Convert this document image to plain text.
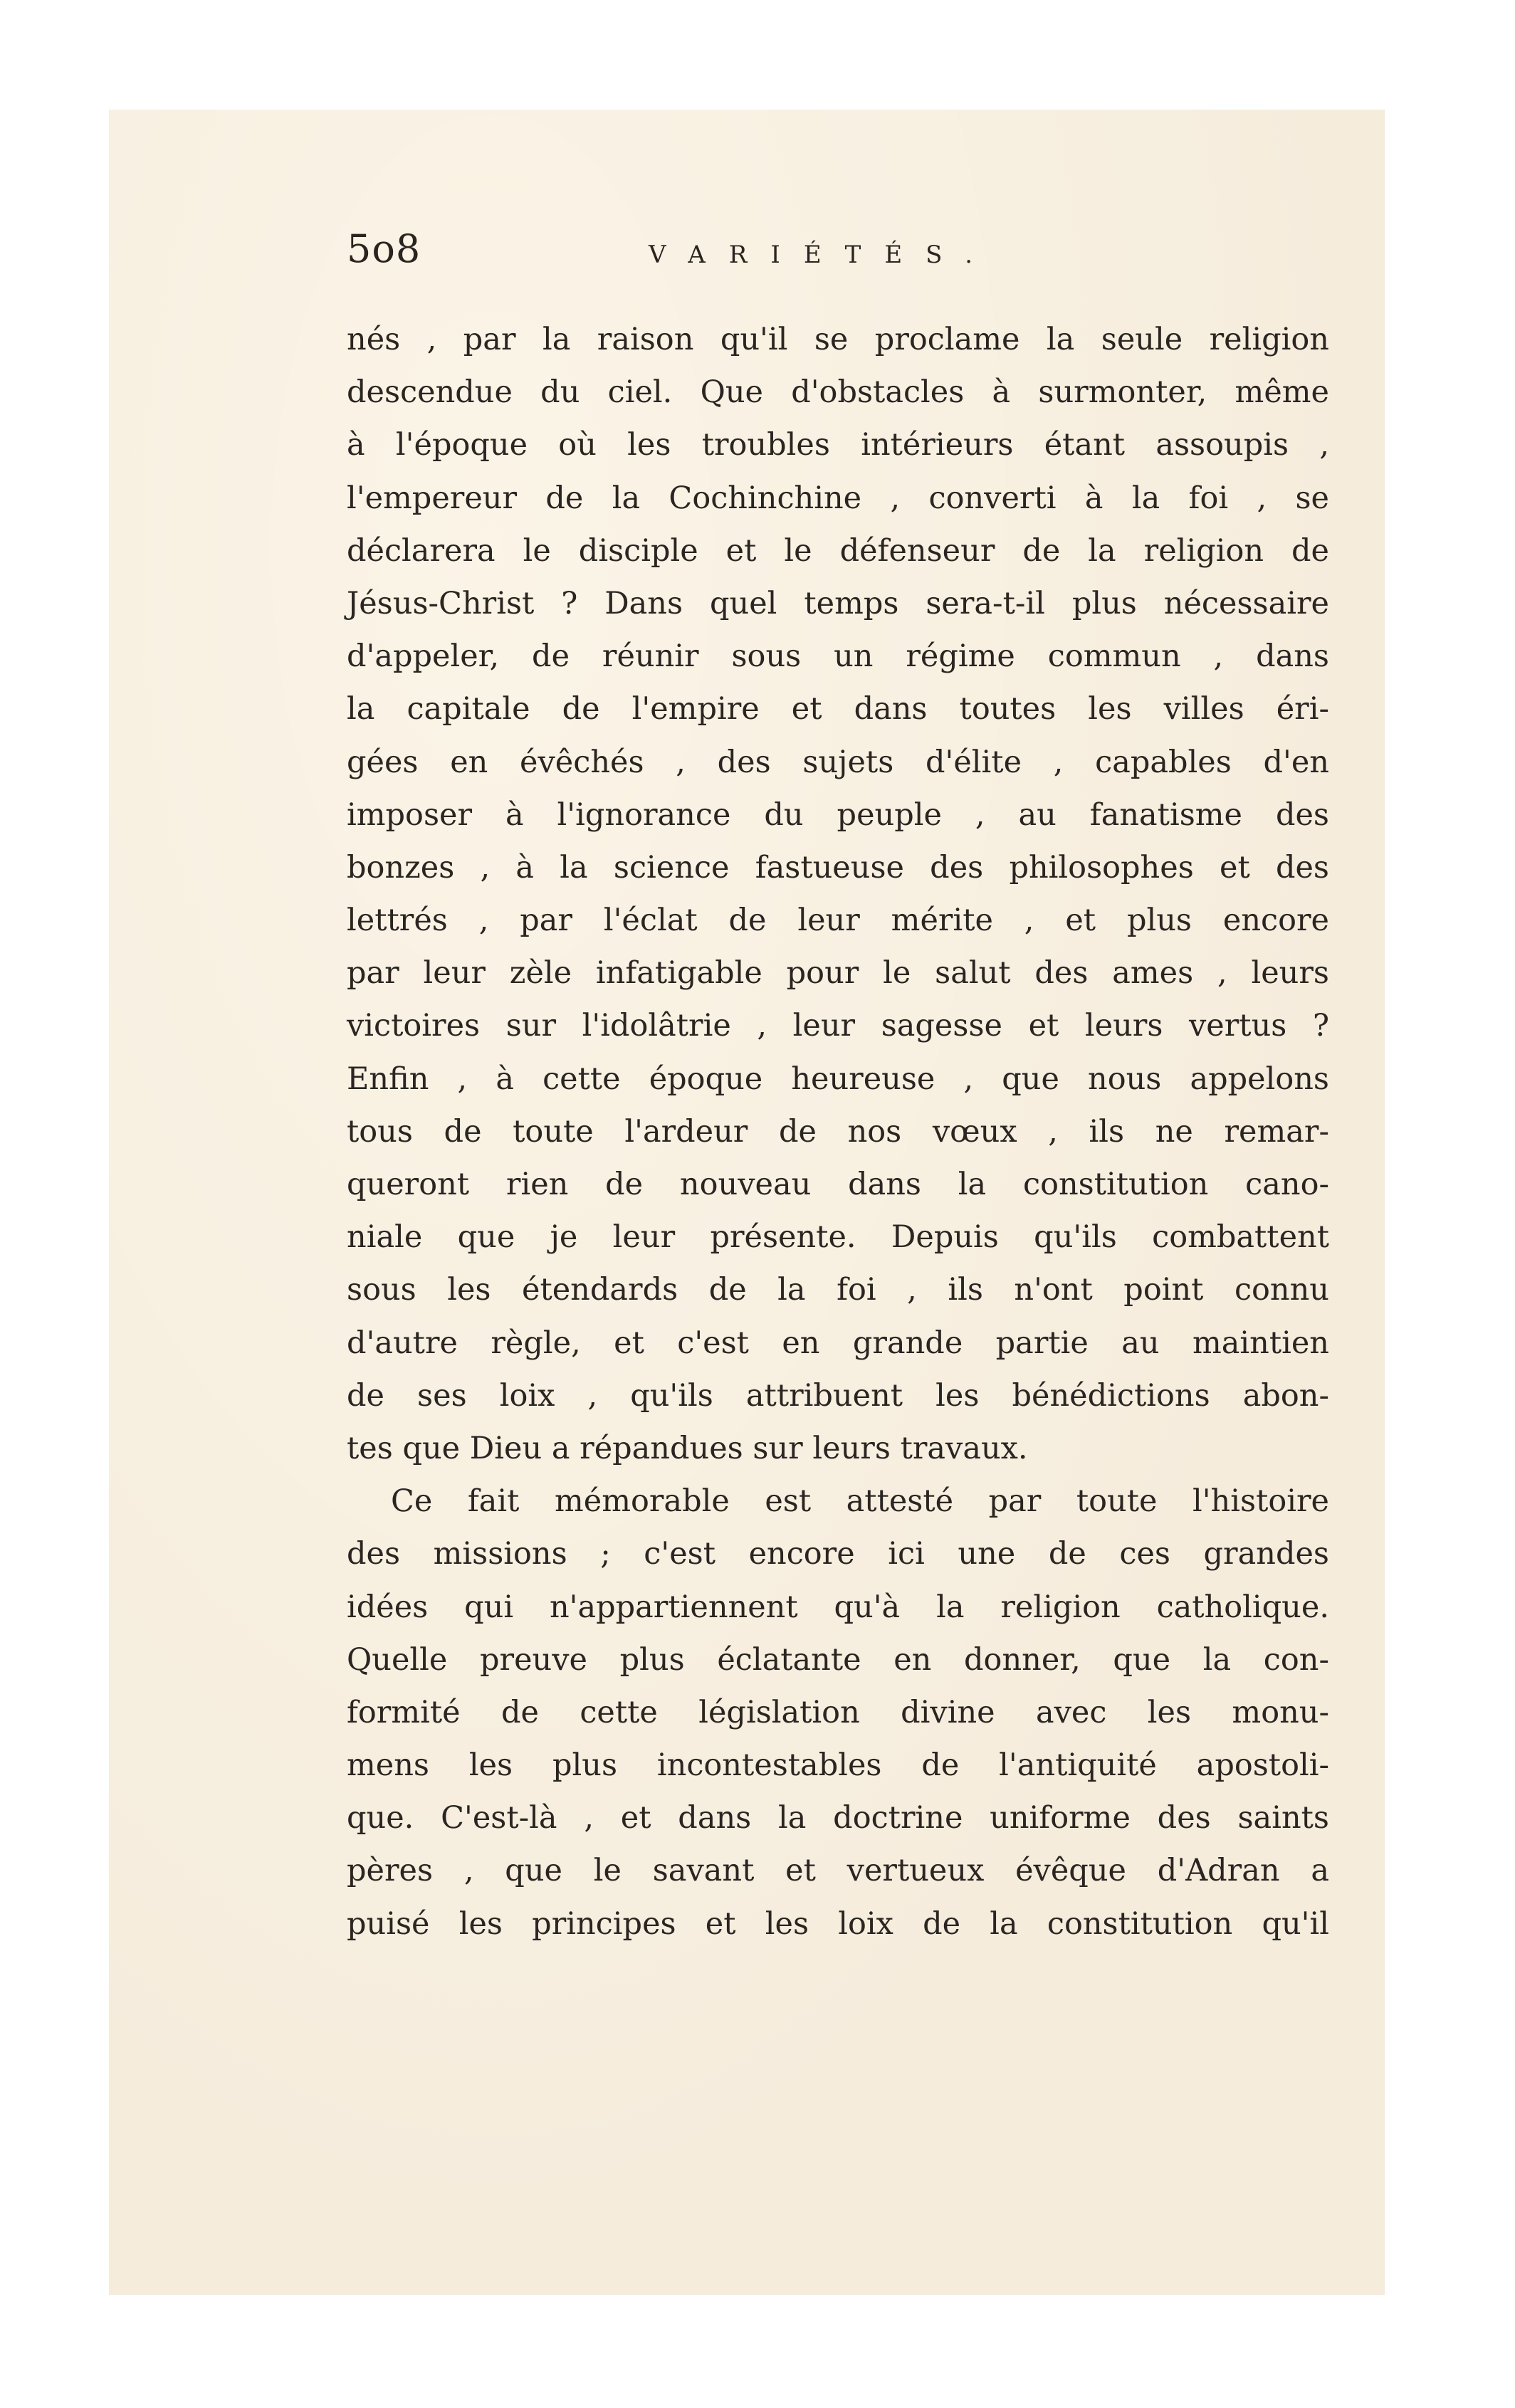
5o8	VARIÉTÉS.
nés , par la raison qu'il se proclame la seule religion
descendue du ciel. Que d'obstacles à surmonter, même
à l'époque où les troubles intérieurs étant assoupis ,
l'empereur de la Cochinchine , converti à la foi , se
déclarera le disciple et le défenseur de la religion de
Jésus-Christ ? Dans quel temps sera-t-il plus nécessaire
d'appeler, de réunir sous un régime commun , dans
la capitale de l'empire et dans toutes les villes éri-
gées en évêchés , des sujets d'élite , capables d'en
imposer à l'ignorance du peuple , au fanatisme des
bonzes , à la science fastueuse des philosophes et des
lettrés , par l'éclat de leur mérite , et plus encore
par leur zèle infatigable pour le salut des ames , leurs
victoires sur l'idolâtrie , leur sagesse et leurs vertus ?
Enfin , à cette époque heureuse , que nous appelons
tous de toute l'ardeur de nos vœux , ils ne remar-
queront rien de nouveau dans la constitution cano-
niale que je leur présente. Depuis qu'ils combattent
sous les étendards de la foi , ils n'ont point connu
d'autre règle, et c'est en grande partie au maintien
de ses loix , qu'ils attribuent les bénédictions abon-
tes que Dieu a répandues sur leurs travaux.
Ce fait mémorable est attesté par toute l'histoire
des missions ; c'est encore ici une de ces grandes
idées qui n'appartiennent qu'à la religion catholique.
Quelle preuve plus éclatante en donner, que la con-
formité de cette législation divine avec les monu-
mens les plus incontestables de l'antiquité apostoli-
que. C'est-là , et dans la doctrine uniforme des saints
pères , que le savant et vertueux évêque d'Adran a
puisé les principes et les loix de la constitution qu'il
